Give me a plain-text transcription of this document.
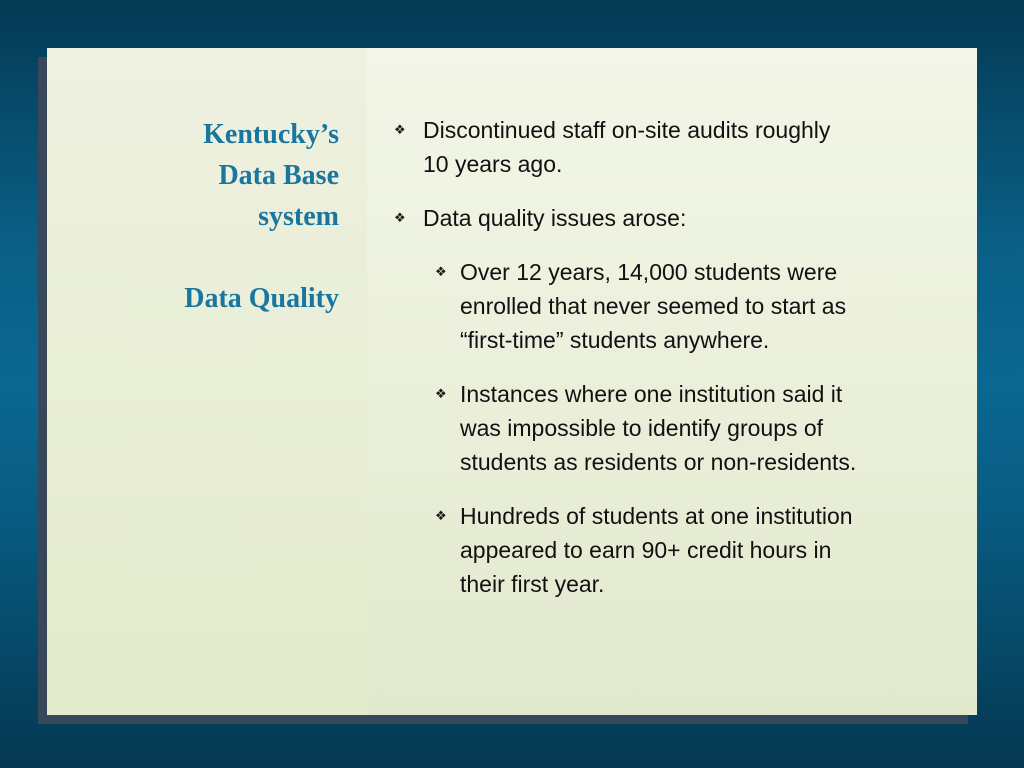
Kentucky’s
Data Base
system
Data Quality
❖ Discontinued staff on-site audits roughly 10 years ago.
❖ Data quality issues arose:
❖ Over 12 years, 14,000 students were enrolled that never seemed to start as “first-time” students anywhere.
❖ Instances where one institution said it was impossible to identify groups of students as residents or non-residents.
❖ Hundreds of students at one institution appeared to earn 90+ credit hours in their first year.
